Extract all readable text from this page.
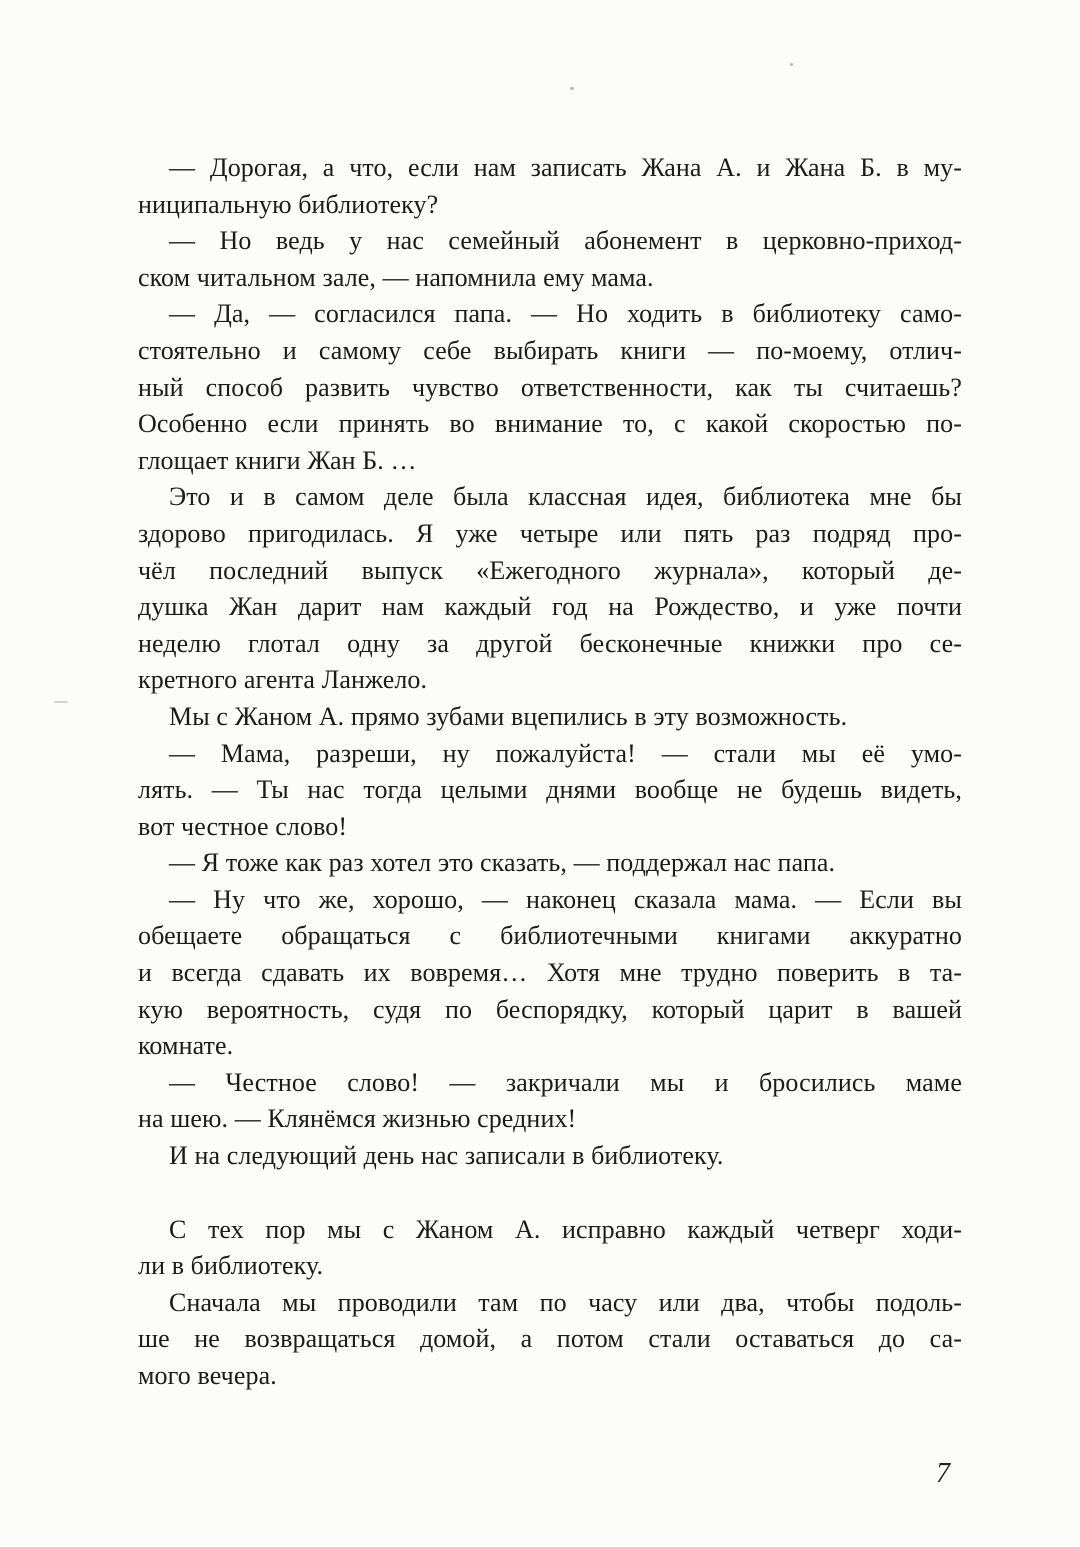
— Дорогая, а что, если нам записать Жана А. и Жана Б. в му-
ниципальную библиотеку?
— Но ведь у нас семейный абонемент в церковно-приход-
ском читальном зале, — напомнила ему мама.
— Да, — согласился папа. — Но ходить в библиотеку само-
стоятельно и самому себе выбирать книги — по-моему, отлич-
ный способ развить чувство ответственности, как ты считаешь?
Особенно если принять во внимание то, с какой скоростью по-
глощает книги Жан Б. …
Это и в самом деле была классная идея, библиотека мне бы
здорово пригодилась. Я уже четыре или пять раз подряд про-
чёл последний выпуск «Ежегодного журнала», который де-
душка Жан дарит нам каждый год на Рождество, и уже почти
неделю глотал одну за другой бесконечные книжки про се-
кретного агента Ланжело.
Мы с Жаном А. прямо зубами вцепились в эту возможность.
— Мама, разреши, ну пожалуйста! — стали мы её умо-
лять. — Ты нас тогда целыми днями вообще не будешь видеть,
вот честное слово!
— Я тоже как раз хотел это сказать, — поддержал нас папа.
— Ну что же, хорошо, — наконец сказала мама. — Если вы
обещаете обращаться с библиотечными книгами аккуратно
и всегда сдавать их вовремя… Хотя мне трудно поверить в та-
кую вероятность, судя по беспорядку, который царит в вашей
комнате.
— Честное слово! — закричали мы и бросились маме
на шею. — Клянёмся жизнью средних!
И на следующий день нас записали в библиотеку.
С тех пор мы с Жаном А. исправно каждый четверг ходи-
ли в библиотеку.
Сначала мы проводили там по часу или два, чтобы подоль-
ше не возвращаться домой, а потом стали оставаться до са-
мого вечера.
7
